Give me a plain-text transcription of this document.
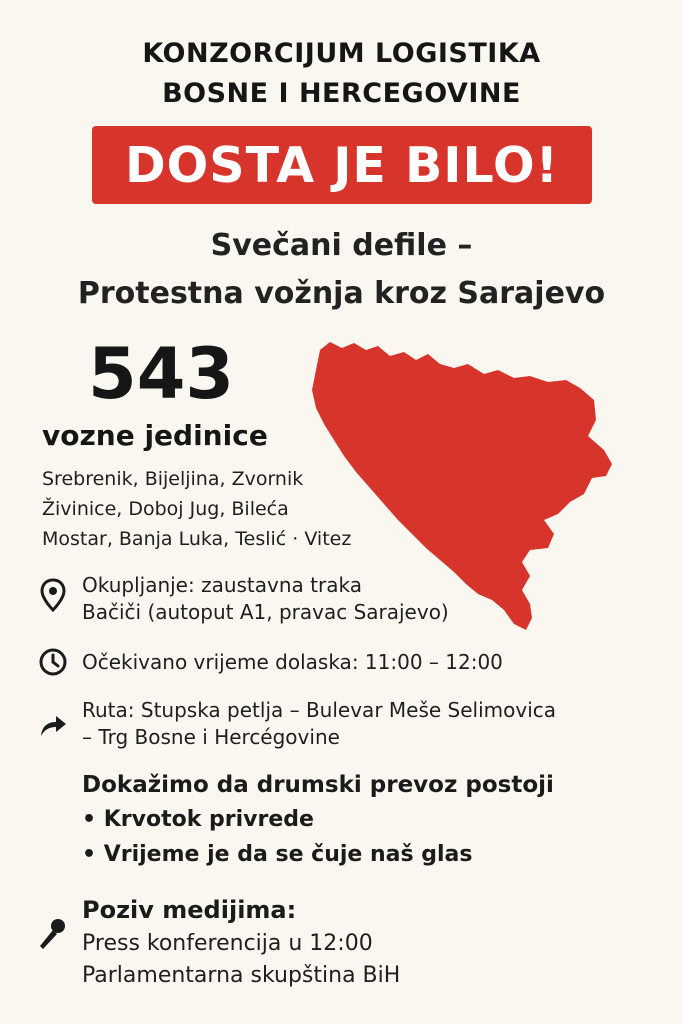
KONZORCIJUM LOGISTIKA
BOSNE I HERCEGOVINE
DOSTA JE BILO!
Svečani defile –
Protestna vožnja kroz Sarajevo
543
vozne jedinice
Srebrenik, Bijeljina, Zvornik
Živinice, Doboj Jug, Bileća
Mostar, Banja Luka, Teslić · Vitez
Okupljanje: zaustavna traka
Bačiči (autoput A1, pravac Sarajevo)
Očekivano vrijeme dolaska: 11:00 – 12:00
Ruta: Stupska petlja – Bulevar Meše Selimovica
– Trg Bosne i Hercégovine
Dokažimo da drumski prevoz postoji
• Krvotok privrede
• Vrijeme je da se čuje naš glas
Poziv medijima:
Press konferencija u 12:00
Parlamentarna skupština BiH
